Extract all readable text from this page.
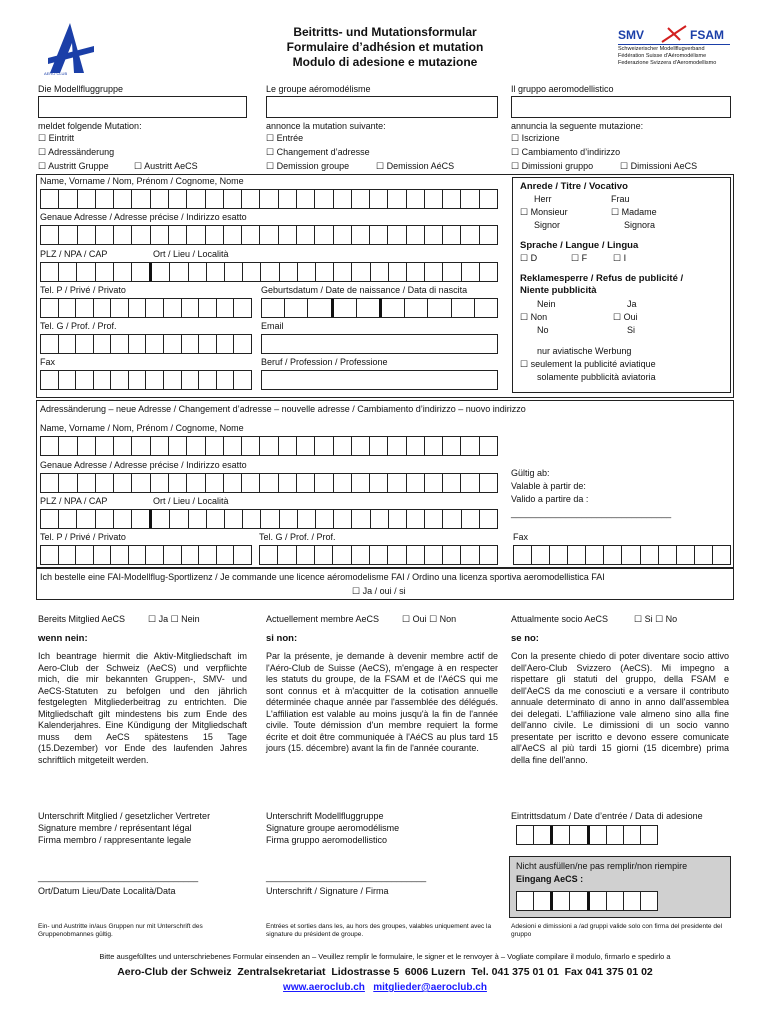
AERO CLUB
Beitritts- und Mutationsformular
Formulaire d’adhésion et mutation
Modulo di adesione e mutazione
SMV	FSAM
Schweizerischer Modellflugverband
Fédération Suisse d'Aéromodélisme
Federazione Svizzera d'Aeromodellismo
Die Modellfluggruppe	Le groupe aéromodélisme	Il gruppo aeromodellistico
meldet folgende Mutation:	annonce la mutation suivante:	annuncia la seguente mutazione:
☐ Eintritt
☐ Adressänderung
☐ Austritt Gruppe	☐ Austritt AeCS
☐ Entrée
☐ Changement d’adresse
☐ Demission groupe	☐ Demission AéCS
☐ Iscrizione
☐ Cambiamento d’indirizzo
☐ Dimissioni gruppo	☐ Dimissioni AeCS
Name, Vorname / Nom, Prénom / Cognome, Nome
Genaue Adresse / Adresse précise / Indirizzo esatto
PLZ / NPA / CAP	Ort / Lieu / Località
Tel. P / Privé / Privato	Geburtsdatum / Date de naissance / Data di nascita
Tel. G / Prof. / Prof.	Email
Fax	Beruf / Profession / Professione
Anrede / Titre / Vocativo
Herr	Frau
☐ Monsieur	☐ Madame
Signor	Signora
Sprache / Langue / Lingua
☐ D	☐ F	☐ I
Reklamesperre / Refus de publicité /
Niente pubblicità
Nein	Ja
☐ Non	☐ Oui
No	Si
nur aviatische Werbung
☐ seulement la publicité aviatique
solamente pubblicità aviatoria
Adressänderung – neue Adresse / Changement d’adresse – nouvelle adresse / Cambiamento d’indirizzo – nuovo indirizzo
Name, Vorname / Nom, Prénom / Cognome, Nome
Genaue Adresse / Adresse précise / Indirizzo esatto
PLZ / NPA / CAP	Ort / Lieu / Località
Gültig ab:
Valable à partir de:
Valido a partire da :
________________________________
Tel. P / Privé / Privato	Tel. G / Prof. / Prof.	Fax
Ich bestelle eine FAI-Modellflug-Sportlizenz / Je commande une licence aéromodelisme FAI / Ordino una licenza sportiva aeromodellistica FAI
☐ Ja / oui / si
Bereits Mitglied AeCS	☐ Ja ☐ Nein	Actuellement membre AeCS	☐ Oui ☐ Non	Attualmente socio AeCS	☐ Si ☐ No
wenn nein:	si non:	se no:
Ich beantrage hiermit die Aktiv-Mitgliedschaft im Aero-Club der Schweiz (AeCS) und verpflichte mich, die mir bekannten Gruppen-, SMV- und AeCS-Statuten zu befolgen und den jährlich festgelegten Mitgliederbeitrag zu entrichten. Die Mitgliedschaft gilt mindestens bis zum Ende des Kalenderjahres. Eine Kündigung der Mitgliedschaft muss dem AeCS spätestens 15 Tage (15.Dezember) vor Ende des laufenden Jahres schriftlich mitgeteilt werden.
Par la présente, je demande à devenir membre actif de l'Aéro-Club de Suisse (AeCS), m'engage à en respecter les statuts du groupe, de la FSAM et de l'AéCS qui me sont connus et à m'acquitter de la cotisation annuelle déterminée chaque année par l'assemblée des délégués. L'affiliation est valable au moins jusqu'à la fin de l'année civile. Toute démission d'un membre requiert la forme écrite et doit être communiquée à l'AéCS au plus tard 15 jours (15. décembre) avant la fin de l'année courante.
Con la presente chiedo di poter diventare socio attivo dell'Aero-Club Svizzero (AeCS). Mi impegno a rispettare gli statuti del gruppo, della FSAM e dell'AeCS da me conosciuti e a versare il contributo annuale determinato di anno in anno dall'assemblea dei delegati. L'affiliazione vale almeno sino alla fine dell'anno civile. Le dimissioni di un socio vanno presentate per iscritto e devono essere comunicate all'AeCS al più tardi 15 giorni (15 dicembre) prima della fine dell'anno.
Unterschrift Mitglied / gesetzlicher Vertreter
Signature membre / représentant légal
Firma membro / rappresentante legale
Unterschrift Modellfluggruppe
Signature groupe aeromodélisme
Firma gruppo aeromodellistico
Eintrittsdatum / Date d’entrée / Data di adesione
________________________________	________________________________
Ort/Datum Lieu/Date Località/Data	Unterschrift / Signature / Firma
Nicht ausfüllen/ne pas remplir/non riempire
Eingang AeCS :
Ein- und Austritte in/aus Gruppen nur mit Unterschrift des Gruppenobmannes gültig.
Entrées et sorties dans les, au hors des groupes, valables uniquement avec la signature du président de groupe.
Adesioni e dimissioni a /ad gruppi valide solo con firma del presidente del gruppo
Bitte ausgefülltes und unterschriebenes Formular einsenden an – Veuillez remplir le formulaire, le signer et le renvoyer à – Vogliate compilare il modulo, firmarlo e spedirlo a
Aero-Club der Schweiz  Zentralsekretariat  Lidostrasse 5  6006 Luzern  Tel. 041 375 01 01  Fax 041 375 01 02
www.aeroclub.ch mitglieder@aeroclub.ch
